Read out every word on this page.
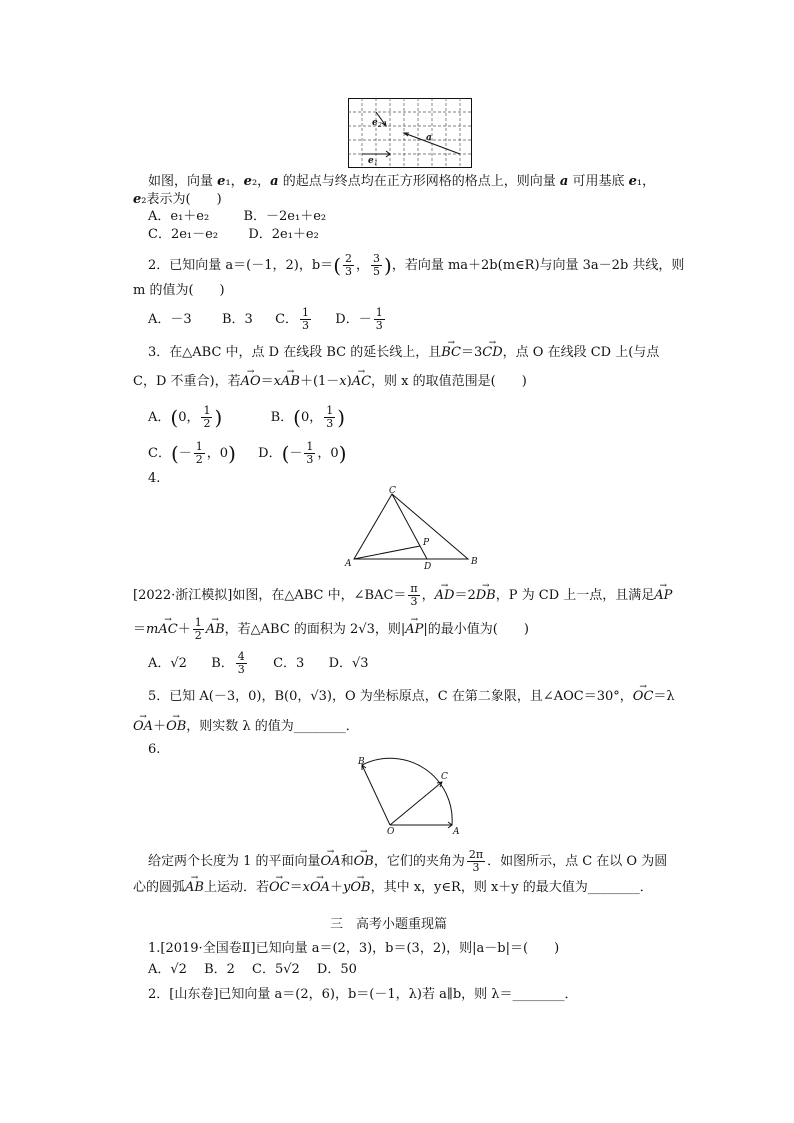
e 2
a
e 1
如图，向量 e₁，e₂，a 的起点与终点均在正方形网格的格点上，则向量 a 可用基底 e₁，
e₂表示为(　　)
A．e₁＋e₂	B．－2e₁＋e₂
C．2e₁－e₂ D．2e₁＋e₂
2．已知向量 a＝(－1，2)，$b=( \frac{2}{3}$ ， $\frac{3}{5}$ )，若向量 ma＋2b(m∈R)与向量 3a－2b 共线，则
m 的值为(　　)
A．－3 B．3 C． $\frac{1}{3}$ D．－ $\frac{1}{3}$
3．在△ABC 中，点 D 在线段 BC 的延长线上，且→ BC＝3→ CD，点 O 在线段 CD 上(与点
C，D 不重合)，若→ AO＝x→ AB＋(1－x)→ AC，则 x 的取值范围是(　　)
A．(0， $\frac{1}{2}$ )	B．(0， $\frac{1}{3}$ )
C．(－ $\frac{1}{2}$ ，0) D．(－ $\frac{1}{3}$ ，0)
4.
C
A	B
D
P
[2022·浙江模拟]如图，在△ABC 中，∠BAC＝ $\frac{\pi}{3}$ ，→ AD＝2→ DB，P 为 CD 上一点，且满足→ AP
$=m\to AC+ \frac{1}{2}$
→ AB，若△ABC 的面积为 2√3，则|→ AP|的最小值为(　　)
A．√2 B． $\frac{4}{3}$ C．3 D．√3
5．已知 A(－3，0)，B(0，√3)，O 为坐标原点，C 在第二象限，且∠AOC＝30°，→ OC＝λ
→ OA＋→ OB，则实数 λ 的值为________．
6.
B
C
O	A
给定两个长度为 1 的平面向量→ OA和→ OB，它们的夹角为 $\frac{2\pi}{3}$ ．如图所示，点 C 在以 O 为圆
心的圆弧→ AB上运动．若→ OC＝x→ OA＋y→ OB，其中 x，y∈R，则 x＋y 的最大值为________．
三　高考小题重现篇
1.[2019·全国卷Ⅱ]已知向量 a＝(2，3)，b＝(3，2)，则|a－b|＝(　　)
A．√2　 B．2　 C．5√2　 D．50
2．[山东卷]已知向量 a＝(2，6)，b＝(－1，λ)若 a∥b，则 λ＝________．
